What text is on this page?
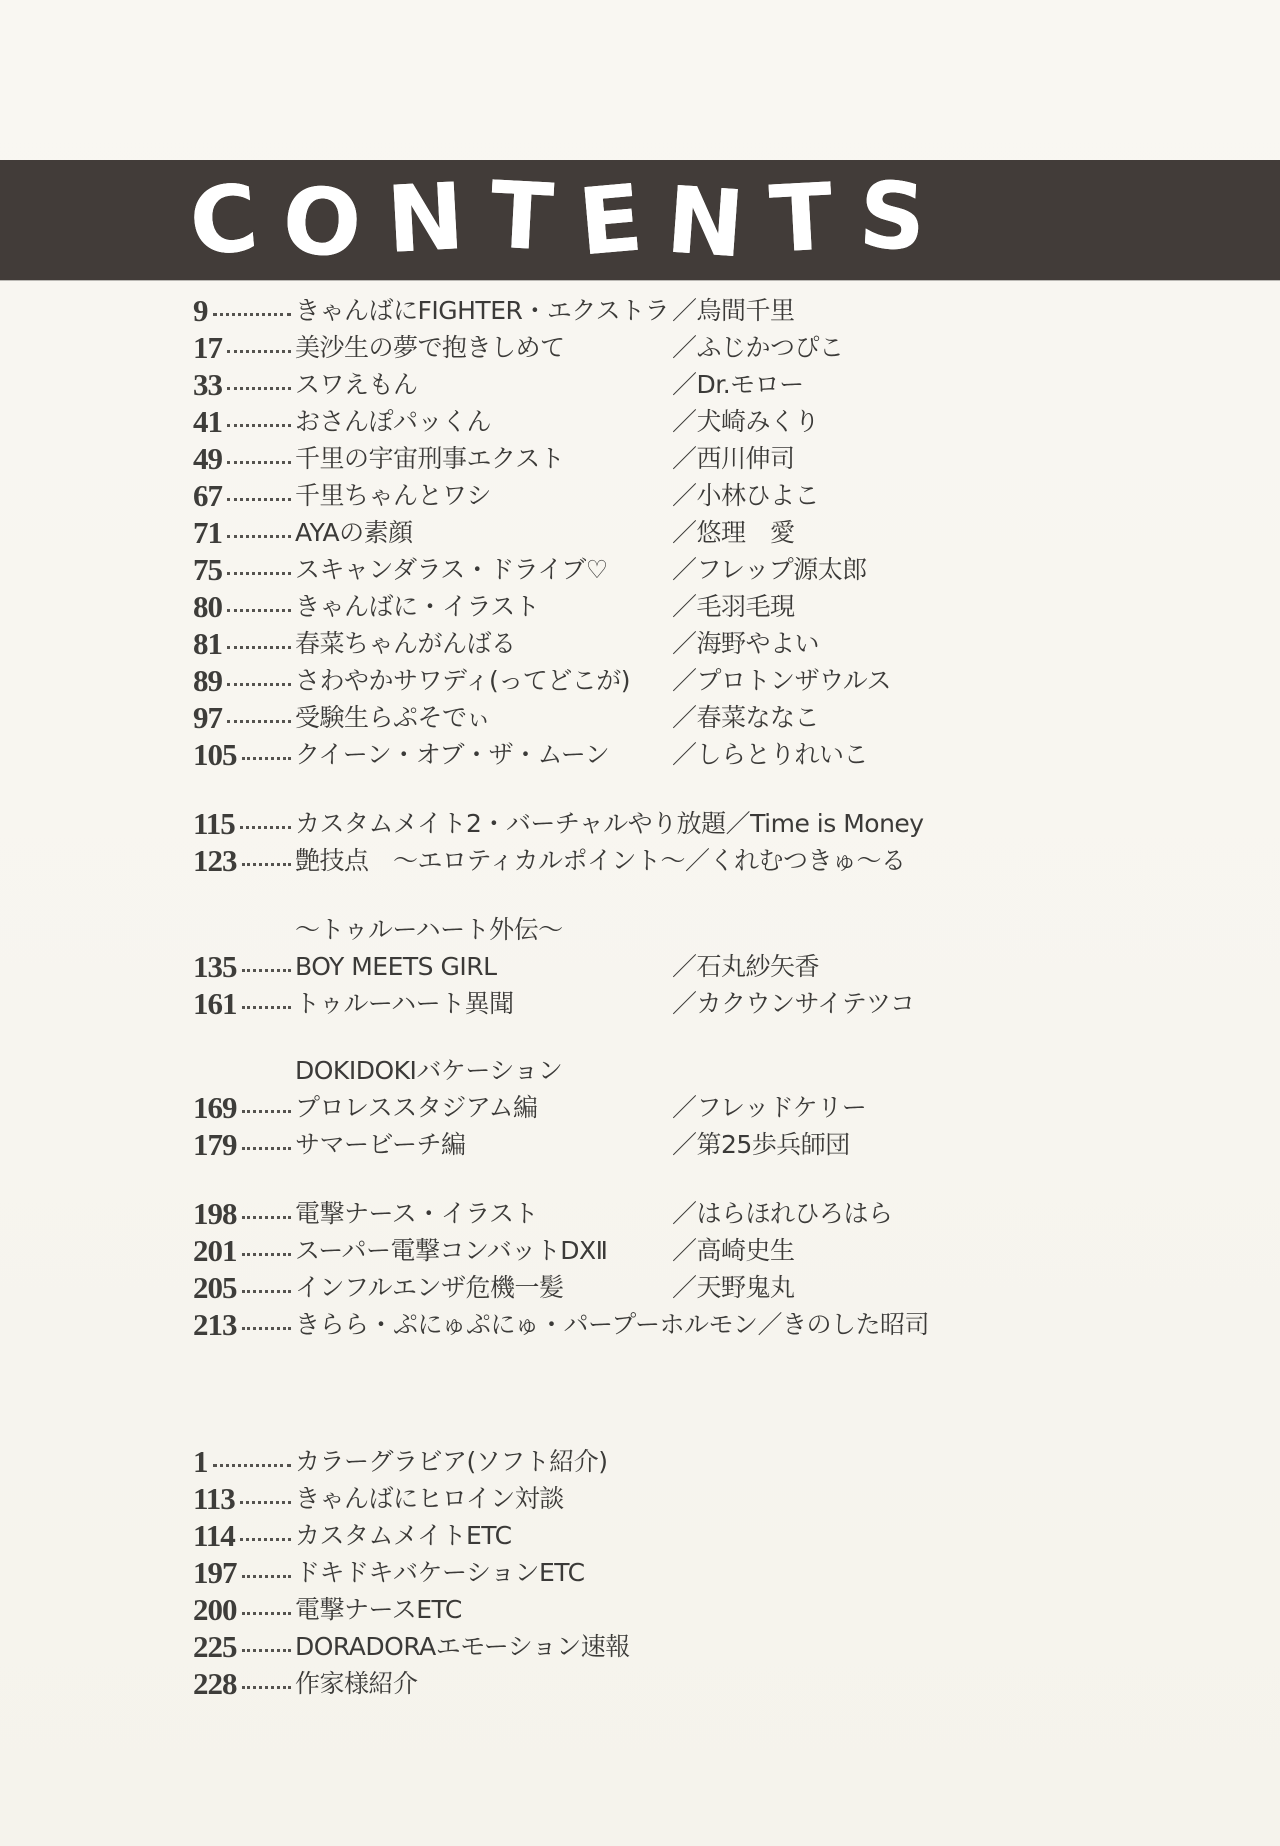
C O N T E N T S
9	きゃんばにFIGHTER・エクストラ ／烏間千里
17	美沙生の夢で抱きしめて	／ふじかつぴこ
33	スワえもん	／Dr.モロー
41	おさんぽパッくん	／犬崎みくり
49	千里の宇宙刑事エクスト	／西川伸司
67	千里ちゃんとワシ	／小林ひよこ
71	AYAの素顔	／悠理　愛
75	スキャンダラス・ドライブ♡	／フレップ源太郎
80	きゃんばに・イラスト	／毛羽毛現
81	春菜ちゃんがんばる	／海野やよい
89	さわやかサワディ(ってどこが)	／プロトンザウルス
97	受験生らぷそでぃ	／春菜ななこ
105 クイーン・オブ・ザ・ムーン	／しらとりれいこ
115 カスタムメイト2・バーチャルやり放題 ／Time is Money
123 艶技点　～エロティカルポイント～ ／くれむつきゅ～る
～トゥルーハート外伝～
135 BOY MEETS GIRL	／石丸紗矢香
161 トゥルーハート異聞	／カクウンサイテツコ
DOKIDOKIバケーション
169 プロレススタジアム編	／フレッドケリー
179 サマービーチ編	／第25歩兵師団
198 電撃ナース・イラスト	／はらほれひろはら
201 スーパー電撃コンバットDXⅡ	／高崎史生
205 インフルエンザ危機一髪	／天野鬼丸
213 きらら・ぷにゅぷにゅ・パープーホルモン ／きのした昭司
1	カラーグラビア(ソフト紹介)
113 きゃんばにヒロイン対談
114 カスタムメイトETC
197 ドキドキバケーションETC
200 電撃ナースETC
225 DORADORAエモーション速報
228 作家様紹介
